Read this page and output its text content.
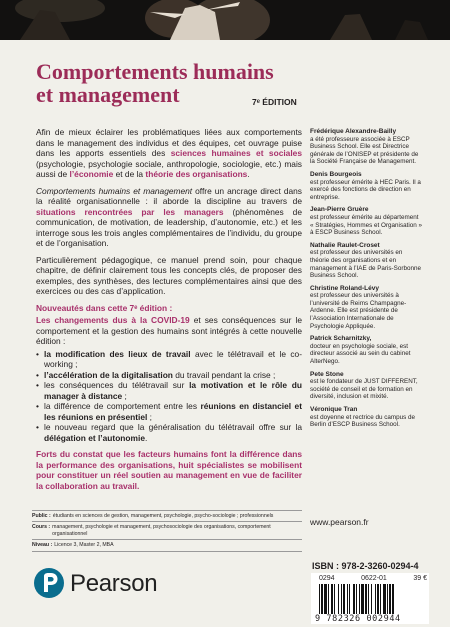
Comportements humains
et management	7ᵉ ÉDITION

Afin de mieux éclairer les problématiques liées aux comportements dans le management des individus et des équipes, cet ouvrage puise dans les apports essentiels des sciences humaines et sociales (psychologie, psychologie sociale, anthropologie, sociologie, etc.) mais aussi de l’économie et de la théorie des organisations.

Comportements humains et management offre un ancrage direct dans la réalité organisationnelle : il aborde la discipline au travers de situations rencontrées par les managers (phénomènes de communication, de motivation, de leadership, d’autonomie, etc.) et les interroge sous les trois angles complémentaires de l’individu, du groupe et de l’organisation.

Particulièrement pédagogique, ce manuel prend soin, pour chaque chapitre, de définir clairement tous les concepts clés, de proposer des exemples, des synthèses, des lectures complémentaires ainsi que des exercices ou des cas d’application.

Nouveautés dans cette 7ᵉ édition :

Les changements dus à la COVID-19 et ses conséquences sur le comportement et la gestion des humains sont intégrés à cette nouvelle édition :

• la modification des lieux de travail avec le télétravail et le co-working ;
• l’accélération de la digitalisation du travail pendant la crise ;
• les conséquences du télétravail sur la motivation et le rôle du manager à distance ;
• la différence de comportement entre les réunions en distanciel et les réunions en présentiel ;
• le nouveau regard que la généralisation du télétravail offre sur la délégation et l’autonomie.

Forts du constat que les facteurs humains font la différence dans la performance des organisations, huit spécialistes se mobilisent pour constituer un réel soutien au management en vue de faciliter la collaboration au travail.

Frédérique Alexandre-Bailly
a été professeure associée à ESCP Business School. Elle est Directrice générale de l’ONISEP et présidente de la Société Française de Management.
Denis Bourgeois
est professeur émérite à HEC Paris. Il a exercé des fonctions de direction en entreprise.
Jean-Pierre Gruère
est professeur émérite au département « Stratégies, Hommes et Organisation » à ESCP Business School.
Nathalie Raulet-Croset
est professeur des universités en théorie des organisations et en management à l’IAE de Paris-Sorbonne Business School.
Christine Roland-Lévy
est professeur des universités à l’université de Reims Champagne-Ardenne. Elle est présidente de l’Association Internationale de Psychologie Appliquée.
Patrick Scharnitzky,
docteur en psychologie sociale, est directeur associé au sein du cabinet AlterNego.
Pete Stone
est le fondateur de JUST DIFFERENT, société de conseil et de formation en diversité, inclusion et mixité.
Véronique Tran
est doyenne et rectrice du campus de Berlin d’ESCP Business School.
Public : étudiants en sciences de gestion, management, psychologie, psycho-sociologie ; professionnels
Cours : management, psychologie et management, psychosociologie des organisations, comportement organisationnel
Niveau : Licence 3, Master 2, MBA
Pearson
www.pearson.fr
ISBN : 978-2-3260-0294-4
0294	0622-01	39 €
9 782326 002944
